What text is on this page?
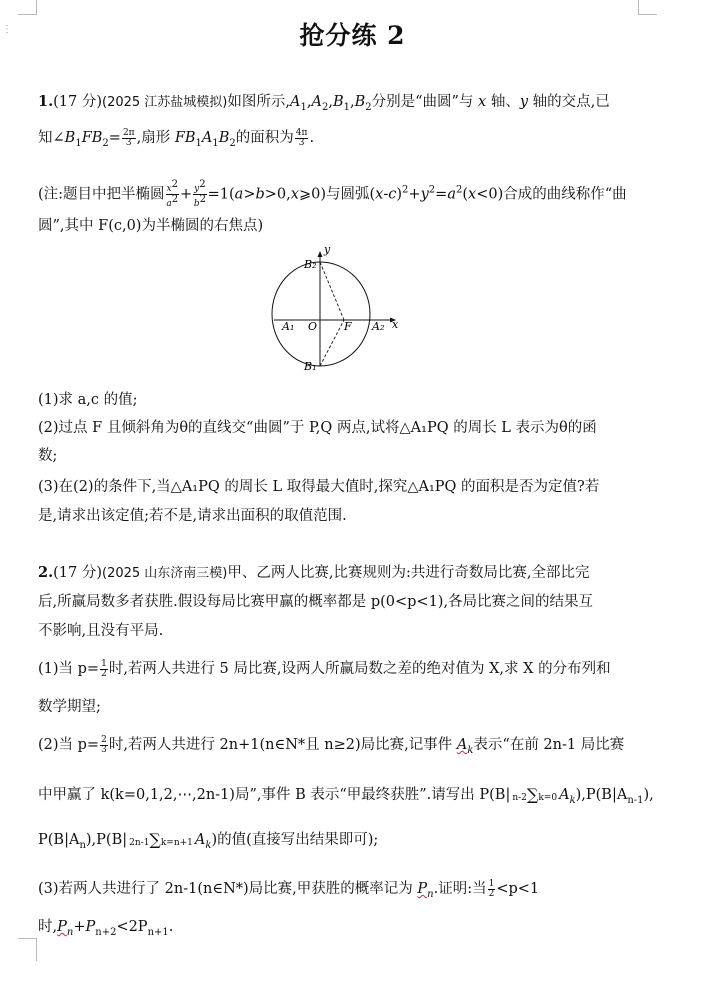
⋮	抢分练 2
1.(17 分)(2025 江苏盐城模拟)如图所示$,A_1,A_2,B_1,B_2$分别是“曲圆”与 x 轴、y 轴的交点,已
知$\angle B_1FB_2= \frac{2\pi}{3}$ ,扇形 $FB_1A_1B_2$的面积为 $\frac{4\pi}{3}$ .
(注:题目中把半椭圆 $\frac{x^2}{a^2} + \frac{y^2}{b^2}$ =1(a>b>0,x⩾0)与圆弧$(x-c)^2+y^2=a^2(x<0)$合成的曲线称作“曲
圆”,其中 F(c,0)为半椭圆的右焦点)
y
B₂
B₁
A₁ O F A₂ x
(1)求 a,c 的值;
(2)过点 F 且倾斜角为θ的直线交“曲圆”于 P,Q 两点,试将△A₁PQ 的周长 L 表示为θ的函
数;
(3)在(2)的条件下,当△A₁PQ 的周长 L 取得最大值时,探究△A₁PQ 的面积是否为定值?若
是,请求出该定值;若不是,请求出面积的取值范围.
2.(17 分)(2025 山东济南三模)甲、乙两人比赛,比赛规则为:共进行奇数局比赛,全部比完
后,所赢局数多者获胜.假设每局比赛甲赢的概率都是 p(0<p<1),各局比赛之间的结果互
不影响,且没有平局.
(1)当 $p= \frac{1}{2}$ 时,若两人共进行 5 局比赛,设两人所赢局数之差的绝对值为 X,求 X 的分布列和
数学期望;
(2)当 $p= \frac{2}{3}$ 时,若两人共进行 2n+1(n∈N*且 n≥2)局比赛,记事件 $A_k$表示“在前 2n-1 局比赛
中甲赢了 k(k=0,1,2,⋯,2n-1)局”,事件 B 表示“甲最终获胜”.请写出 P(B| n-2∑k=0 $A_k),P(B|A_{n-1})$,
$P(B|A_n),P(B|$ 2n-1∑k=n+1 $A_k$)的值(直接写出结果即可);
(3)若两人共进行了 2n-1(n∈N*)局比赛,甲获胜的概率记为 $P_n$.证明:当 $\frac{1}{2} <p<1$
时$,P_n+P_{n+2}<2P_{n+1}$.
